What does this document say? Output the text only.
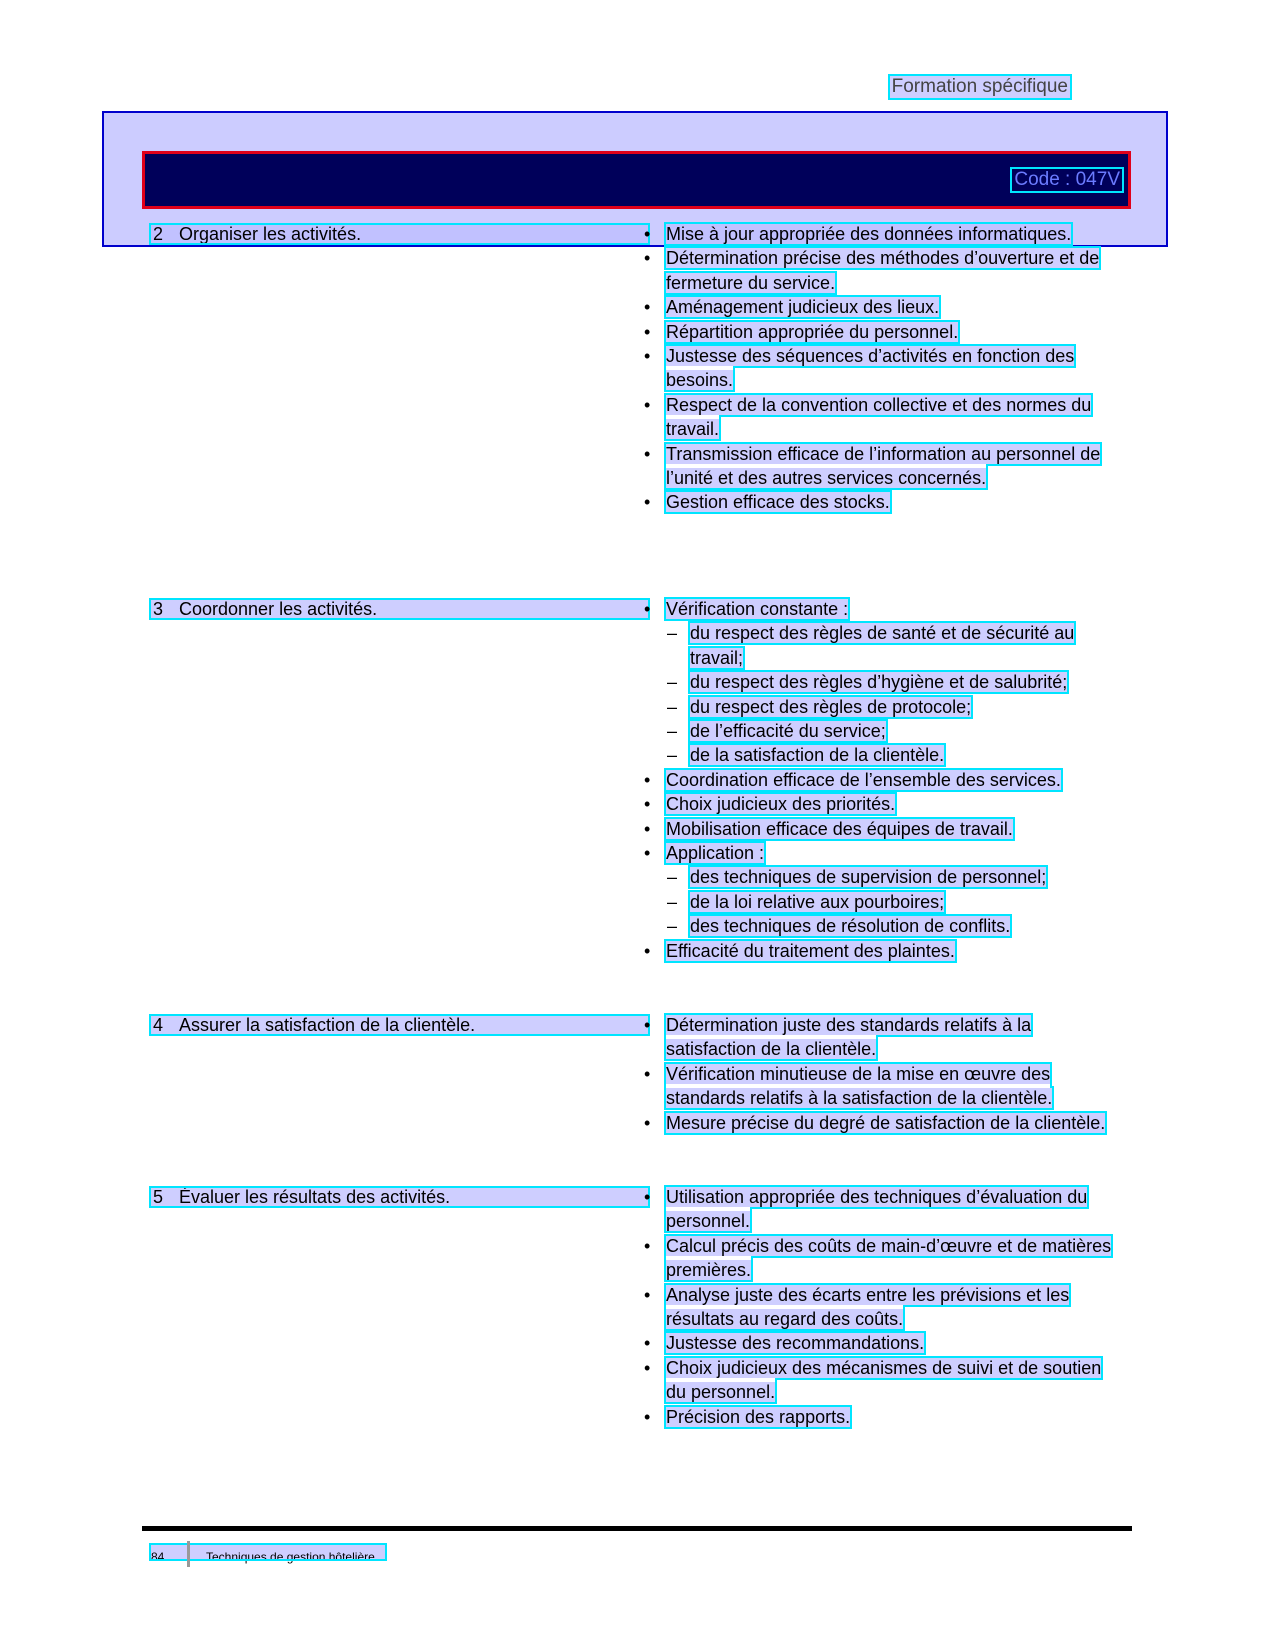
Formation spécifique
Code : 047V
2 Organiser les activités.	• Mise à jour appropriée des données informatiques.
• Détermination précise des méthodes d’ouverture et de fermeture du service.
• Aménagement judicieux des lieux.
• Répartition appropriée du personnel.
• Justesse des séquences d’activités en fonction des besoins.
• Respect de la convention collective et des normes du travail.
• Transmission efficace de l’information au personnel de l’unité et des autres services concernés.
• Gestion efficace des stocks.
3 Coordonner les activités.	• Vérification constante :
– du respect des règles de santé et de sécurité au travail;
– du respect des règles d’hygiène et de salubrité;
– du respect des règles de protocole;
– de l’efficacité du service;
– de la satisfaction de la clientèle.
• Coordination efficace de l’ensemble des services.
• Choix judicieux des priorités.
• Mobilisation efficace des équipes de travail.
• Application :
– des techniques de supervision de personnel;
– de la loi relative aux pourboires;
– des techniques de résolution de conflits.
• Efficacité du traitement des plaintes.
4 Assurer la satisfaction de la clientèle.	• Détermination juste des standards relatifs à la satisfaction de la clientèle.
• Vérification minutieuse de la mise en œuvre des standards relatifs à la satisfaction de la clientèle.
• Mesure précise du degré de satisfaction de la clientèle.
5 Évaluer les résultats des activités.	• Utilisation appropriée des techniques d’évaluation du personnel.
• Calcul précis des coûts de main-d’œuvre et de matières premières.
• Analyse juste des écarts entre les prévisions et les résultats au regard des coûts.
• Justesse des recommandations.
• Choix judicieux des mécanismes de suivi et de soutien du personnel.
• Précision des rapports.
84	Techniques de gestion hôtelière
